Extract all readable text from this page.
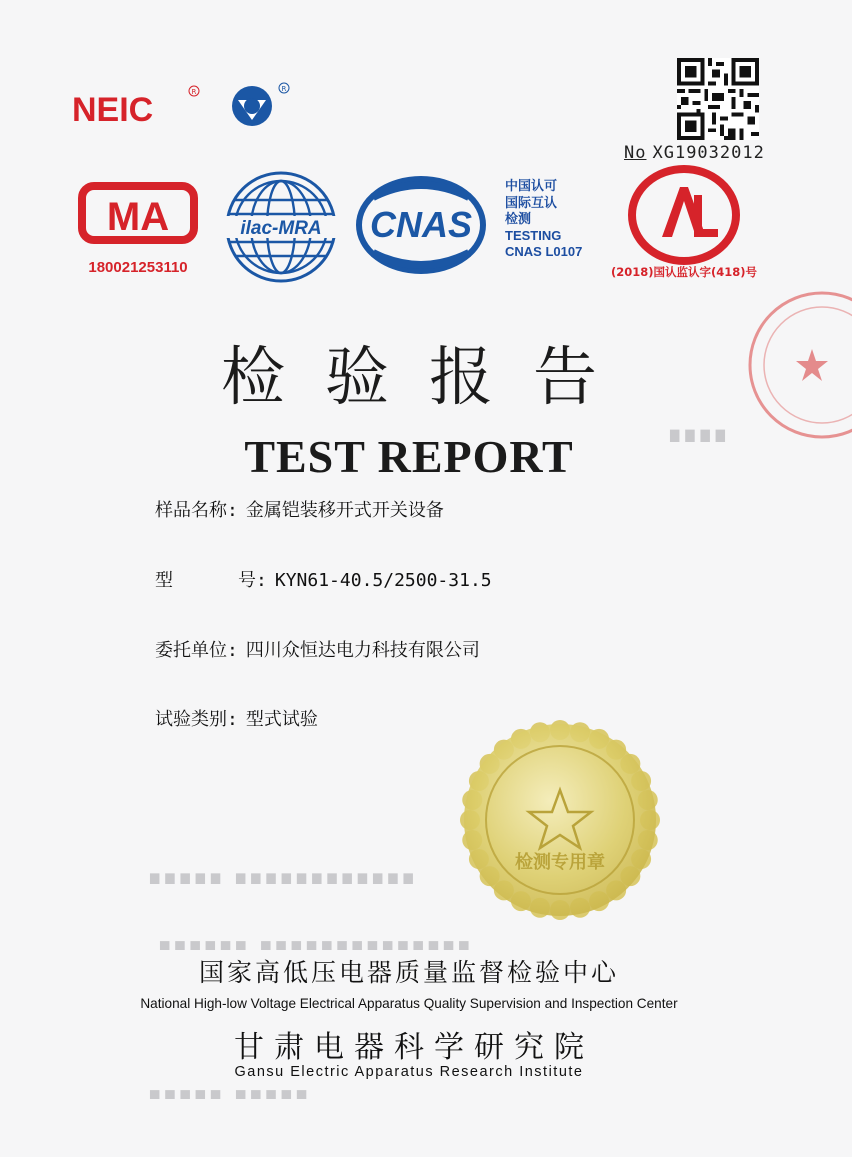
NEIC	R	R
No XG19032012
MA
180021253110
ilac-MRA CNAS
中国认可
国际互认
检测
TESTING
CNAS L0107
(2018)国认监认字(418)号
检验报告
TEST REPORT	▇▇▇▇
▆▆▆▆▆ ▆▆▆▆▆▆▆▆▆▆▆▆
▅▅▅▅▅▅ ▅▅▅▅▅▅▅▅▅▅▅▅▅▅
▅▅▅▅▅ ▅▅▅▅▅
样品名称: 金属铠装移开式开关设备
型      号: KYN61-40.5/2500-31.5
委托单位: 四川众恒达电力科技有限公司
试验类别: 型式试验
检测专用章
国家高低压电器质量监督检验中心
National High-low Voltage Electrical Apparatus Quality Supervision and Inspection Center
甘肃电器科学研究院
Gansu Electric Apparatus Research Institute
